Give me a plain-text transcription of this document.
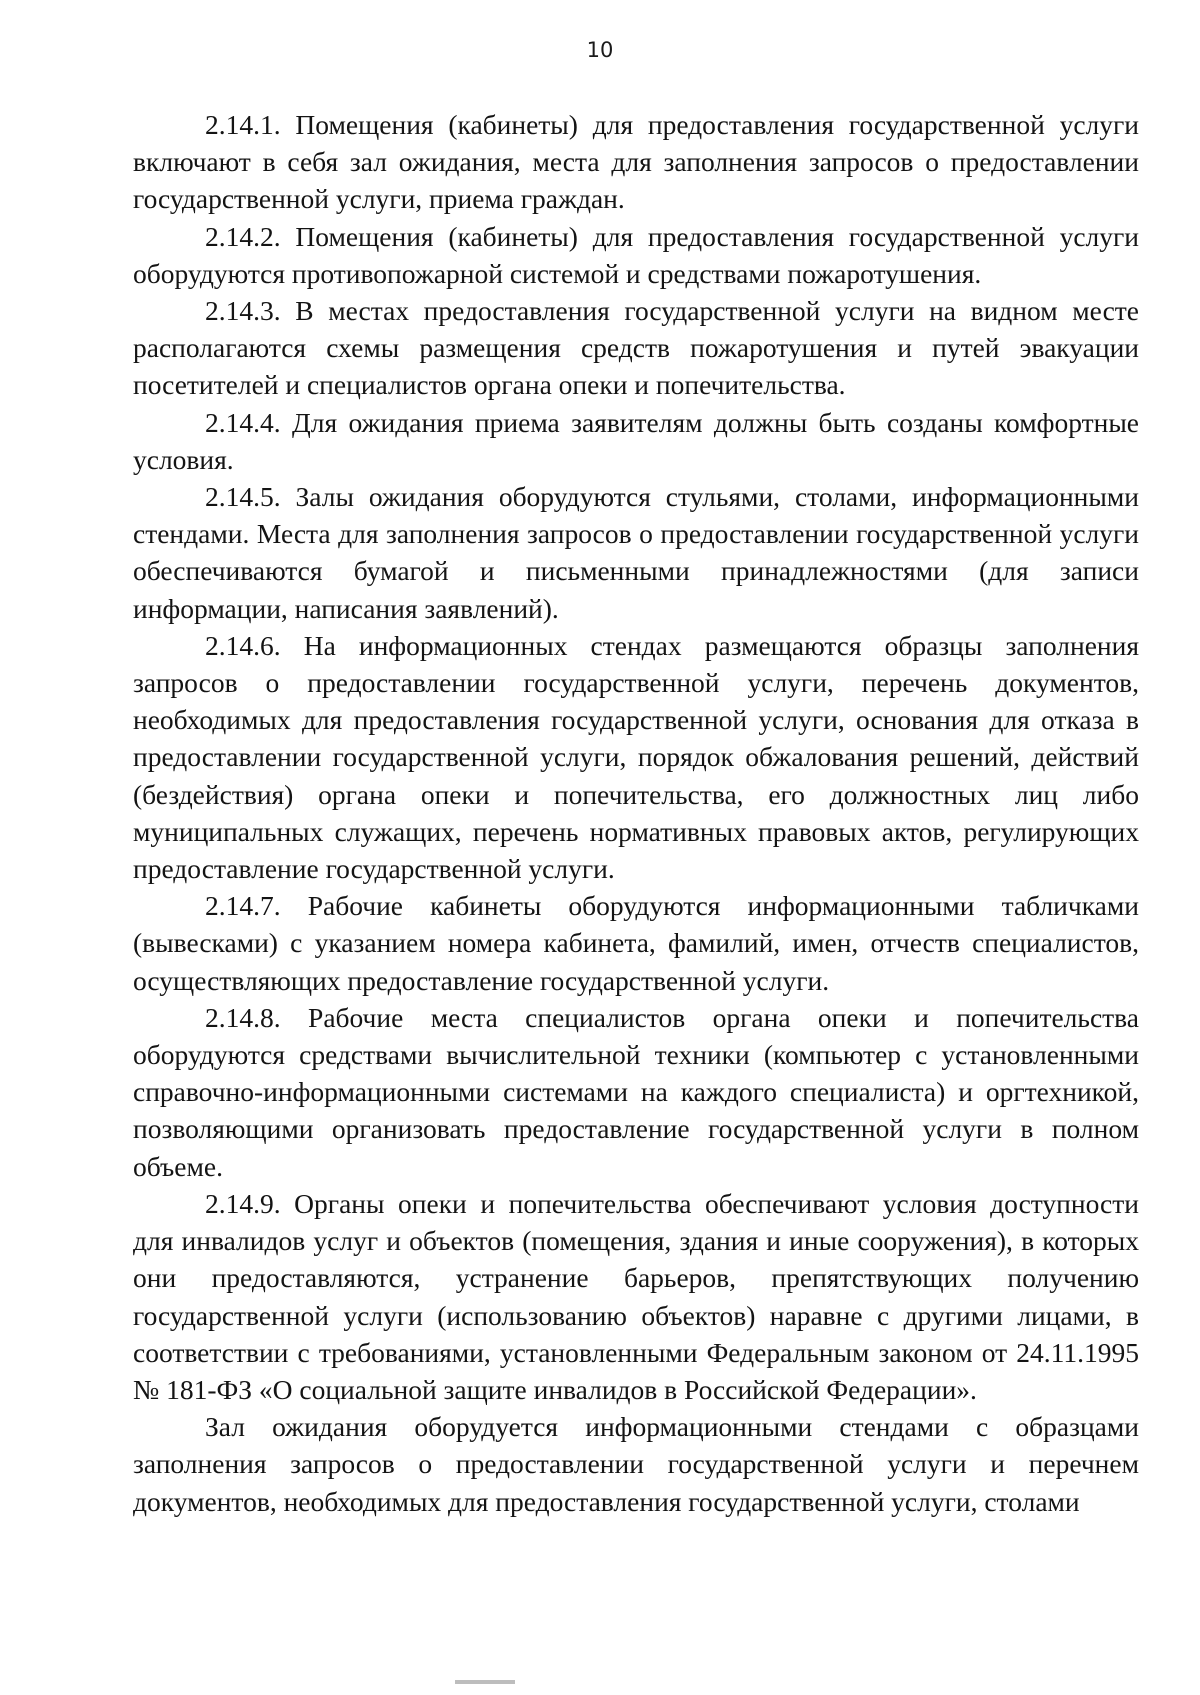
10

2.14.1. Помещения (кабинеты) для предоставления государственной услуги включают в себя зал ожидания, места для заполнения запросов о предоставлении государственной услуги, приема граждан.

2.14.2. Помещения (кабинеты) для предоставления государственной услуги оборудуются противопожарной системой и средствами пожаротушения.

2.14.3. В местах предоставления государственной услуги на видном месте располагаются схемы размещения средств пожаротушения и путей эвакуации посетителей и специалистов органа опеки и попечительства.

2.14.4. Для ожидания приема заявителям должны быть созданы комфортные условия.

2.14.5. Залы ожидания оборудуются стульями, столами, информационными стендами. Места для заполнения запросов о предоставлении государственной услуги обеспечиваются бумагой и письменными принадлежностями (для записи информации, написания заявлений).

2.14.6. На информационных стендах размещаются образцы заполнения запросов о предоставлении государственной услуги, перечень документов, необходимых для предоставления государственной услуги, основания для отказа в предоставлении государственной услуги, порядок обжалования решений, действий (бездействия) органа опеки и попечительства, его должностных лиц либо муниципальных служащих, перечень нормативных правовых актов, регулирующих предоставление государственной услуги.

2.14.7. Рабочие кабинеты оборудуются информационными табличками (вывесками) с указанием номера кабинета, фамилий, имен, отчеств специалистов, осуществляющих предоставление государственной услуги.

2.14.8. Рабочие места специалистов органа опеки и попечительства оборудуются средствами вычислительной техники (компьютер с установленными справочно-информационными системами на каждого специалиста) и оргтехникой, позволяющими организовать предоставление государственной услуги в полном объеме.

2.14.9. Органы опеки и попечительства обеспечивают условия доступности для инвалидов услуг и объектов (помещения, здания и иные сооружения), в которых они предоставляются, устранение барьеров, препятствующих получению государственной услуги (использованию объектов) наравне с другими лицами, в соответствии с требованиями, установленными Федеральным законом от 24.11.1995 № 181-ФЗ «О социальной защите инвалидов в Российской Федерации».

Зал ожидания оборудуется информационными стендами с образцами заполнения запросов о предоставлении государственной услуги и перечнем документов, необходимых для предоставления государственной услуги, столами
